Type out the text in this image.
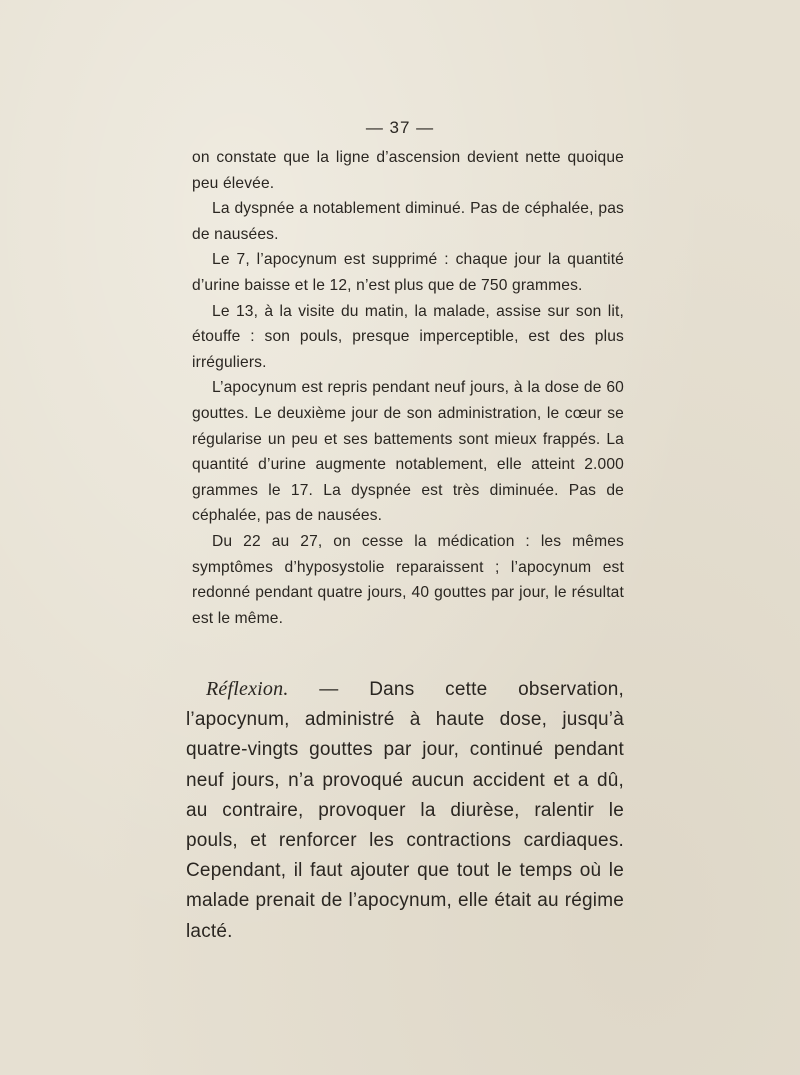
— 37 —

on constate que la ligne d’ascension devient nette quoique peu élevée.

La dyspnée a notablement diminué. Pas de céphalée, pas de nausées.

Le 7, l’apocynum est supprimé : chaque jour la quantité d’urine baisse et le 12, n’est plus que de 750 grammes.

Le 13, à la visite du matin, la malade, assise sur son lit, étouffe : son pouls, presque imperceptible, est des plus irréguliers.

L’apocynum est repris pendant neuf jours, à la dose de 60 gouttes. Le deuxième jour de son administration, le cœur se régularise un peu et ses battements sont mieux frappés. La quantité d’urine augmente notablement, elle atteint 2.000 grammes le 17. La dyspnée est très diminuée. Pas de céphalée, pas de nausées.

Du 22 au 27, on cesse la médication : les mêmes symptômes d’hyposystolie reparaissent ; l’apocynum est redonné pendant quatre jours, 40 gouttes par jour, le résultat est le même.

Réflexion. — Dans cette observation, l’apocynum, administré à haute dose, jusqu’à quatre-vingts gouttes par jour, continué pendant neuf jours, n’a provoqué aucun accident et a dû, au contraire, provoquer la diurèse, ralentir le pouls, et renforcer les contractions cardiaques. Cependant, il faut ajouter que tout le temps où le malade prenait de l’apocynum, elle était au régime lacté.
